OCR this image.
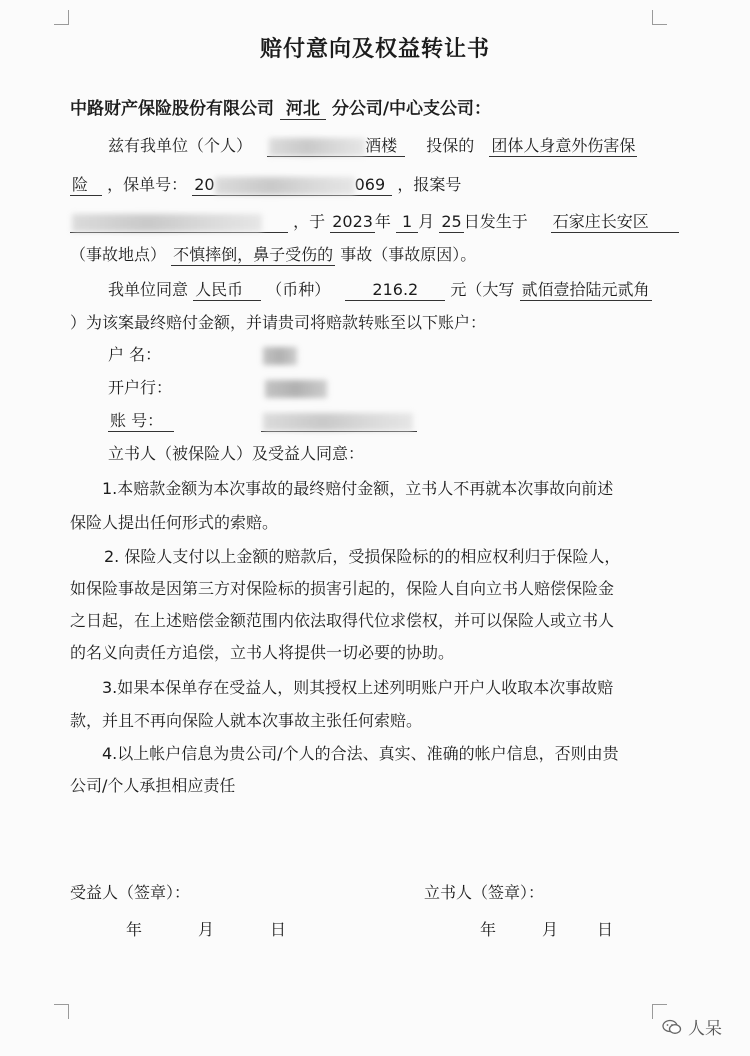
赔付意向及权益转让书
中路财产保险股份有限公司 河北 分公司/中心支公司：
兹有我单位（个人）	酒楼 投保的 团体人身意外伤害保
险 ，保单号： 20	069 ，报案号
，于 2023 年 1 月 25 日发生于 石家庄长安区
（事故地点） 不慎摔倒，鼻子受伤的 事故（事故原因）。
我单位同意 人民币 （币种）	216.2 元（大写 贰佰壹拾陆元贰角
）为该案最终赔付金额，并请贵司将赔款转账至以下账户：
户 名：
开户行：
账 号：
立书人（被保险人）及受益人同意：
1.本赔款金额为本次事故的最终赔付金额，立书人不再就本次事故向前述
保险人提出任何形式的索赔。
2. 保险人支付以上金额的赔款后，受损保险标的的相应权利归于保险人，
如保险事故是因第三方对保险标的损害引起的，保险人自向立书人赔偿保险金
之日起，在上述赔偿金额范围内依法取得代位求偿权，并可以保险人或立书人
的名义向责任方追偿，立书人将提供一切必要的协助。
3.如果本保单存在受益人，则其授权上述列明账户开户人收取本次事故赔
款，并且不再向保险人就本次事故主张任何索赔。
4.以上帐户信息为贵公司/个人的合法、真实、准确的帐户信息，否则由贵
公司/个人承担相应责任
受益人（签章）：	立书人（签章）：
年	月	日	年	月 日
人呆
